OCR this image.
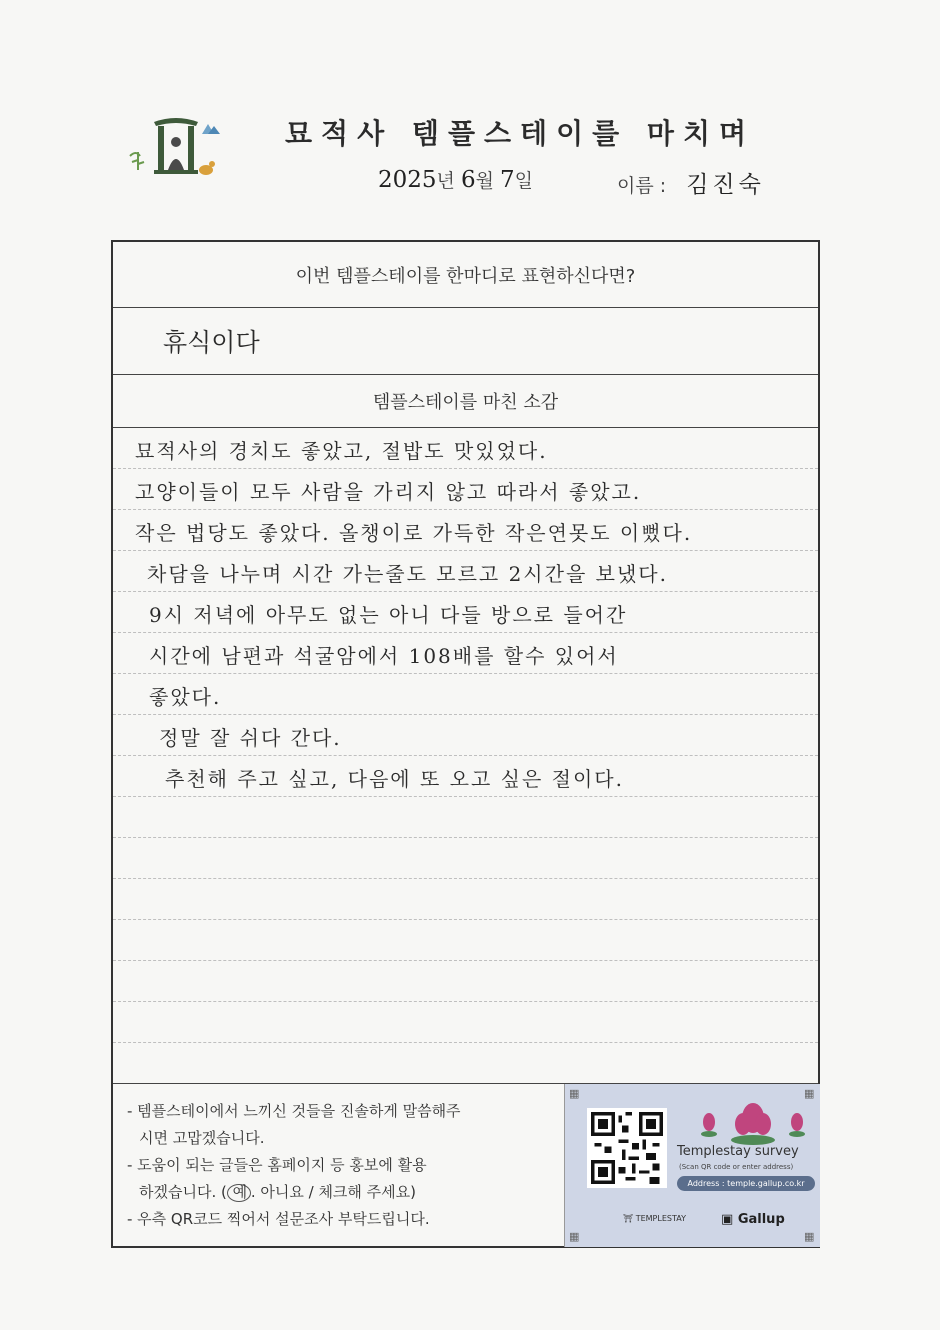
묘적사 템플스테이를 마치며
2025년 6월 7일	이름 : 김진숙
이번 템플스테이를 한마디로 표현하신다면?
휴식이다
템플스테이를 마친 소감
묘적사의 경치도 좋았고, 절밥도 맛있었다.
고양이들이 모두 사람을 가리지 않고 따라서 좋았고.
작은 법당도 좋았다. 올챙이로 가득한 작은연못도 이뻤다.
차담을 나누며 시간 가는줄도 모르고 2시간을 보냈다.
9시 저녁에 아무도 없는 아니 다들 방으로 들어간
시간에 남편과 석굴암에서 108배를 할수 있어서
좋았다.
정말 잘 쉬다 간다.
추천해 주고 싶고, 다음에 또 오고 싶은 절이다.
- 템플스테이에서 느끼신 것들을 진솔하게 말씀해주
시면 고맙겠습니다.
- 도움이 되는 글들은 홈페이지 등 홍보에 활용
하겠습니다. ( 예 . 아니요 / 체크해 주세요)
- 우측 QR코드 찍어서 설문조사 부탁드립니다.
▦	▦
▦	▦
Templestay survey
(Scan QR code or enter address)
Address : temple.gallup.co.kr
⛩ TEMPLESTAY	▣ Gallup
